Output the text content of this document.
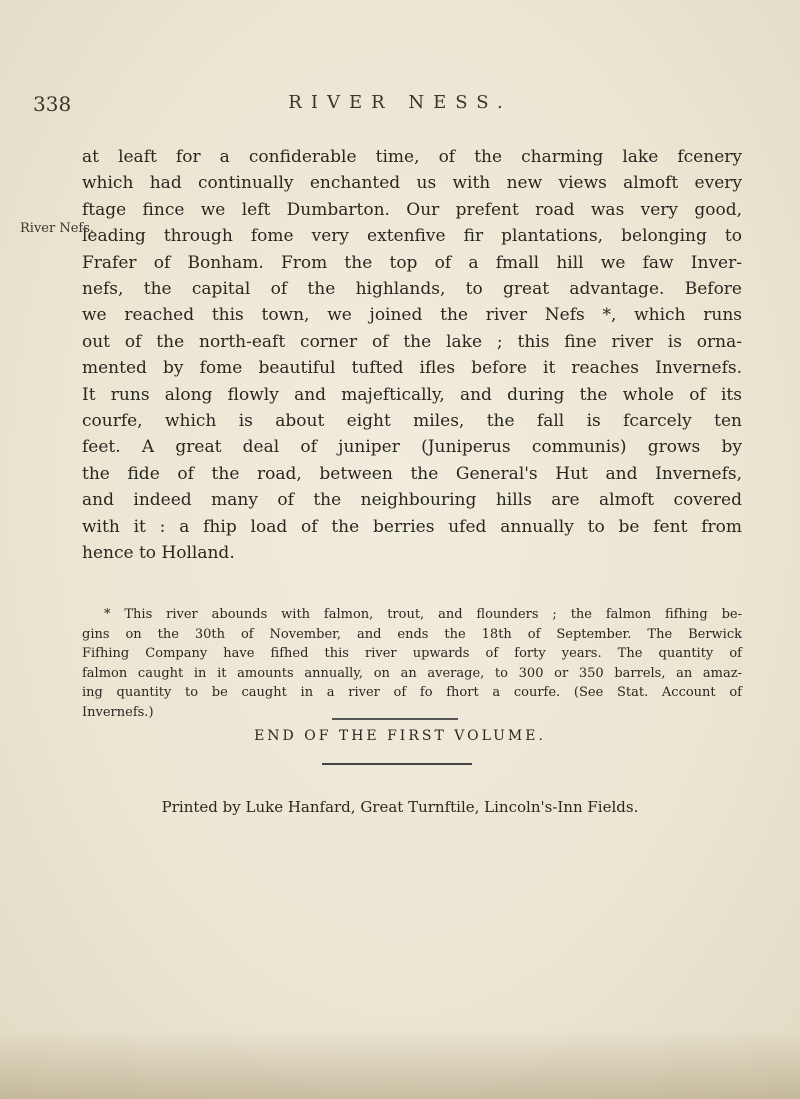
338	RIVER NESS.
River Nefs.
at leaft for a confiderable time, of the charming lake fcenery
which had continually enchanted us with new views almoft every
ftage fince we left Dumbarton. Our prefent road was very good,
leading through fome very extenfive fir plantations, belonging to
Frafer of Bonham. From the top of a fmall hill we faw Inver-
nefs, the capital of the highlands, to great advantage. Before
we reached this town, we joined the river Nefs *, which runs
out of the north-eaft corner of the lake ; this fine river is orna-
mented by fome beautiful tufted ifles before it reaches Invernefs.
It runs along flowly and majeftically, and during the whole of its
courfe, which is about eight miles, the fall is fcarcely ten
feet. A great deal of juniper (Juniperus communis) grows by
the fide of the road, between the General's Hut and Invernefs,
and indeed many of the neighbouring hills are almoft covered
with it : a fhip load of the berries ufed annually to be fent from
hence to Holland.
* This river abounds with falmon, trout, and flounders ; the falmon fifhing be-
gins on the 30th of November, and ends the 18th of September. The Berwick
Fifhing Company have fifhed this river upwards of forty years. The quantity of
falmon caught in it amounts annually, on an average, to 300 or 350 barrels, an amaz-
ing quantity to be caught in a river of fo fhort a courfe. (See Stat. Account of
Invernefs.)
END OF THE FIRST VOLUME.
Printed by Luke Hanfard, Great Turnftile, Lincoln's-Inn Fields.
